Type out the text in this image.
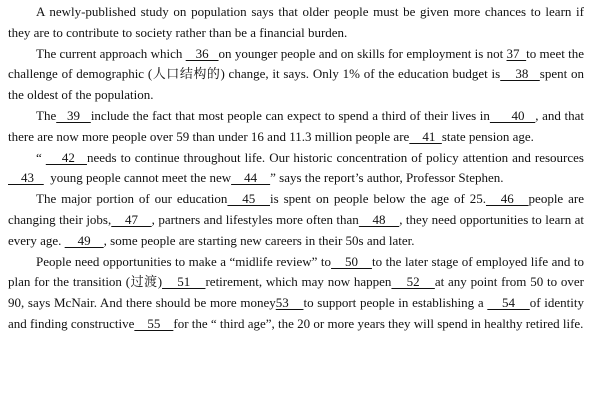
A newly-published study on population says that older people must be given more chances to learn if they are to contribute to society rather than be a financial burden.

The current approach which    36   on younger people and on skills for employment is not 37  to meet the challenge of demographic (人口结构的) change, it says. Only 1% of the education budget is    38   spent on the oldest of the population.

The   39   include the fact that most people can expect to spend a third of their lives in      40   , and that there are now more people over 59 than under 16 and 11.3 million people are    41  state pension age.

“     42   needs to continue throughout life. Our historic concentration of policy attention and resources    43     young people cannot meet the new    44    ” says the report’s author, Professor Stephen.

The major portion of our education   45   is spent on people below the age of 25.   46   people are changing their jobs,    47    , partners and lifestyles more often than    48    , they need opportunities to learn at every age.     49    , some people are starting new careers in their 50s and later.

People need opportunities to make a “midlife review” to    50    to the later stage of employed life and to plan for the transition (过渡)    51    retirement, which may now happen    52    at any point from 50 to over 90, says McNair. And there should be more money53    to support people in establishing a     54    of identity and finding constructive    55    for the “ third age”, the 20 or more years they will spend in healthy retired life.
